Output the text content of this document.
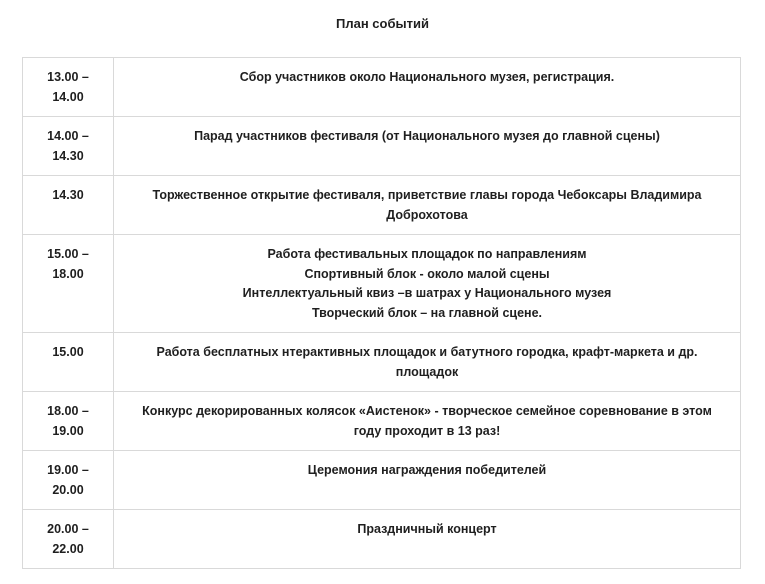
План событий
13.00 –
14.00	Сбор участников около Национального музея, регистрация.

14.00 –
14.30	Парад участников фестиваля (от Национального музея до главной сцены)

14.30	Торжественное открытие фестиваля, приветствие главы города Чебоксары Владимира
Доброхотова

15.00 –
18.00	Работа фестивальных площадок по направлениям
Спортивный блок - около малой сцены
Интеллектуальный квиз –в шатрах у Национального музея
Творческий блок – на главной сцене.

15.00	Работа бесплатных нтерактивных площадок и батутного городка, крафт-маркета и др.
площадок

18.00 –
19.00	Конкурс декорированных колясок «Аистенок» - творческое семейное соревнование в этом
году проходит в 13 раз!

19.00 –
20.00	Церемония награждения победителей

20.00 –
22.00	Праздничный концерт
